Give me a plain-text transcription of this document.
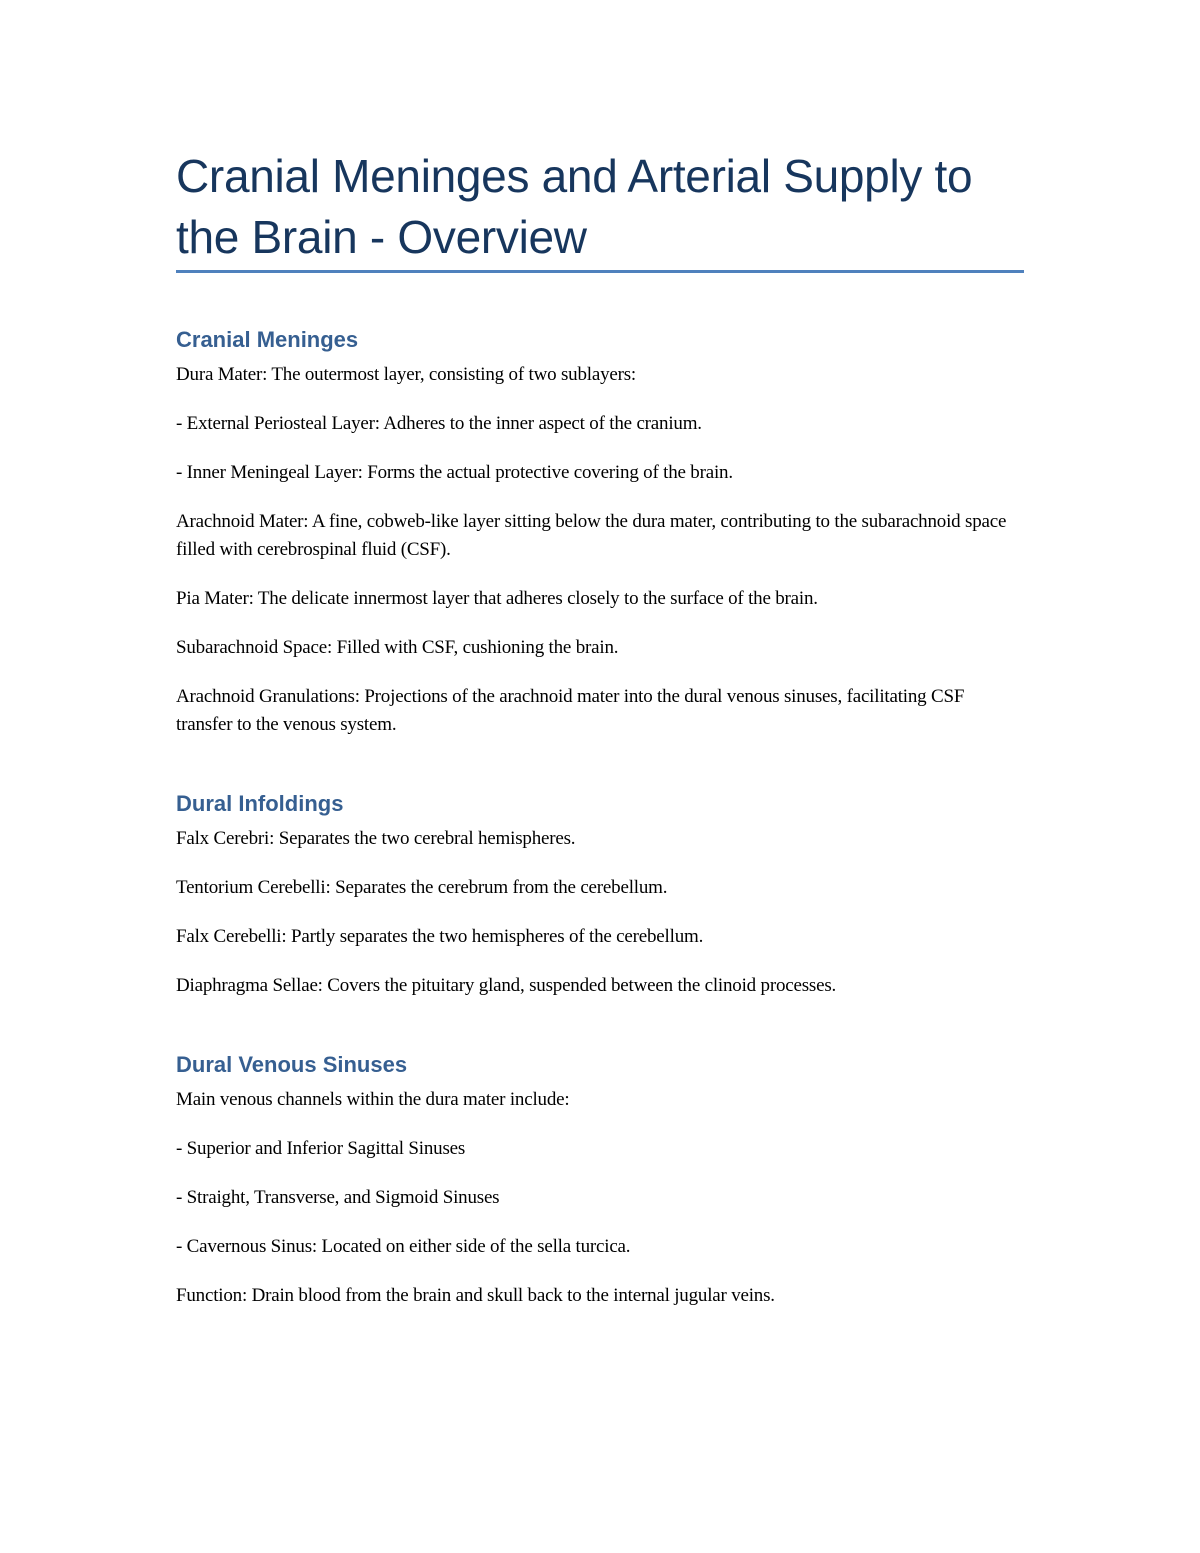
Cranial Meninges and Arterial Supply to the Brain - Overview
Cranial Meninges

Dura Mater: The outermost layer, consisting of two sublayers:

- External Periosteal Layer: Adheres to the inner aspect of the cranium.

- Inner Meningeal Layer: Forms the actual protective covering of the brain.

Arachnoid Mater: A fine, cobweb-like layer sitting below the dura mater, contributing to the subarachnoid space filled with cerebrospinal fluid (CSF).

Pia Mater: The delicate innermost layer that adheres closely to the surface of the brain.

Subarachnoid Space: Filled with CSF, cushioning the brain.

Arachnoid Granulations: Projections of the arachnoid mater into the dural venous sinuses, facilitating CSF transfer to the venous system.

Dural Infoldings

Falx Cerebri: Separates the two cerebral hemispheres.

Tentorium Cerebelli: Separates the cerebrum from the cerebellum.

Falx Cerebelli: Partly separates the two hemispheres of the cerebellum.

Diaphragma Sellae: Covers the pituitary gland, suspended between the clinoid processes.

Dural Venous Sinuses

Main venous channels within the dura mater include:

- Superior and Inferior Sagittal Sinuses

- Straight, Transverse, and Sigmoid Sinuses

- Cavernous Sinus: Located on either side of the sella turcica.

Function: Drain blood from the brain and skull back to the internal jugular veins.
